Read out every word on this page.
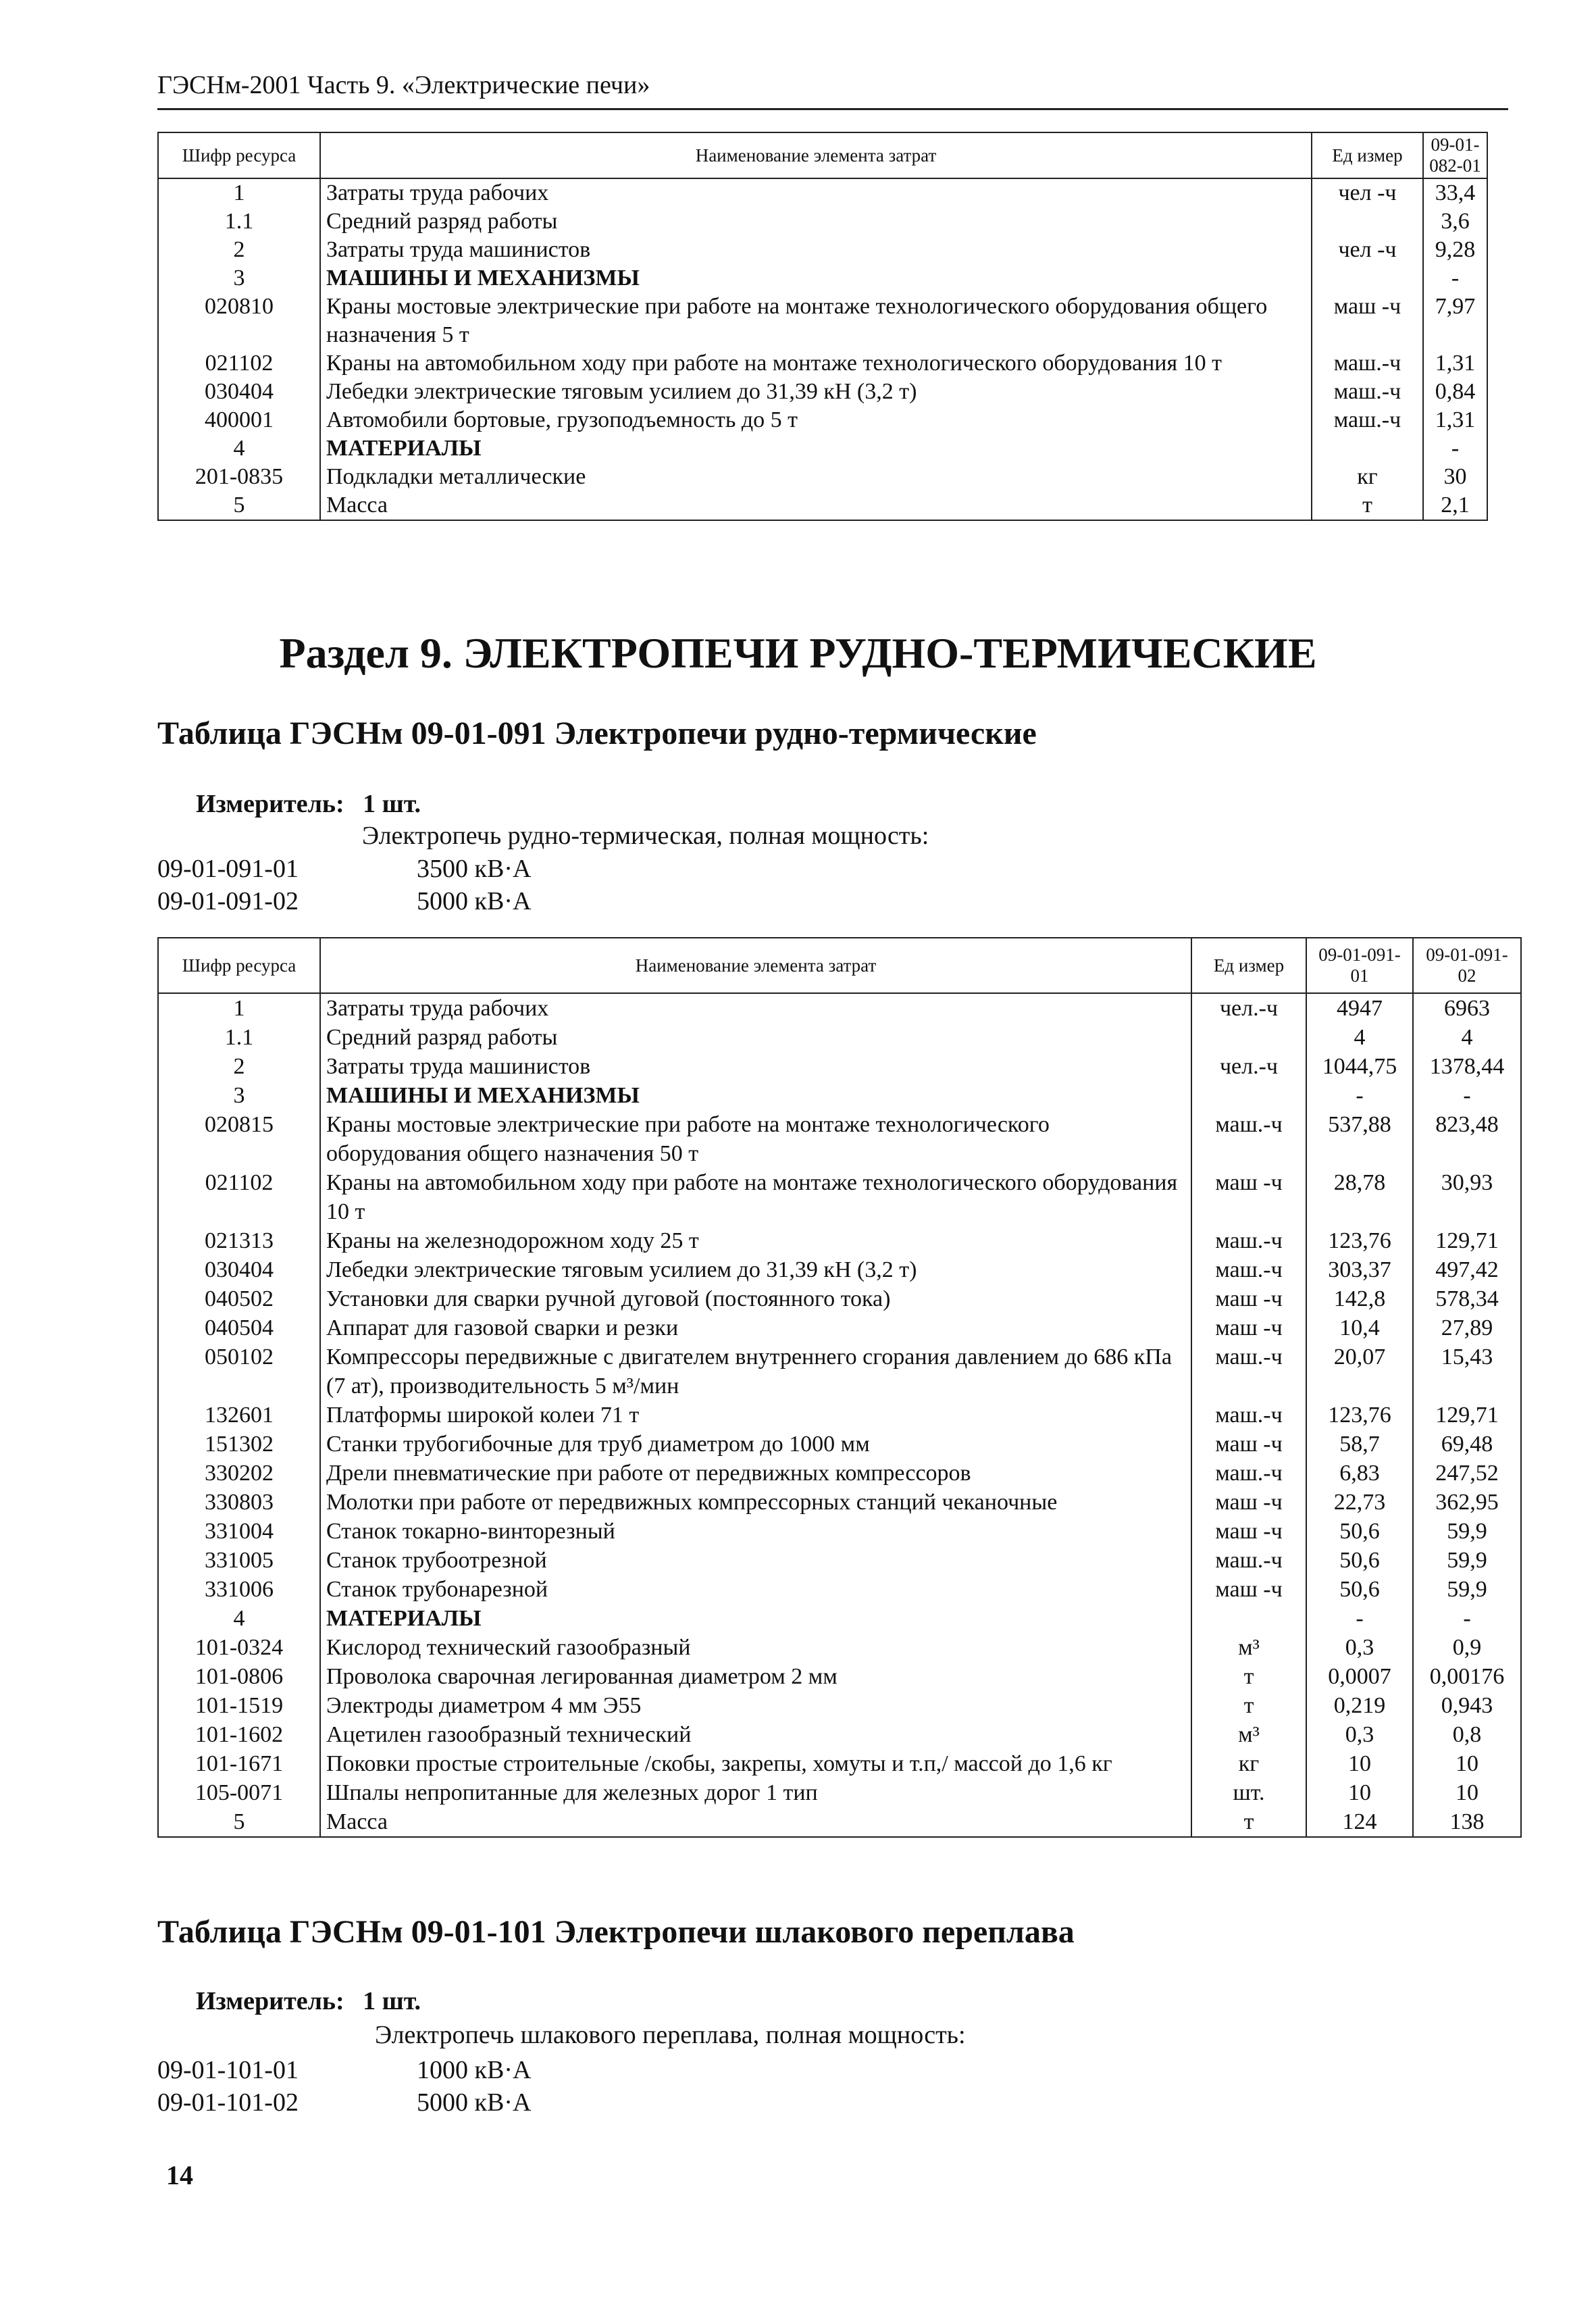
ГЭСНм-2001 Часть 9. «Электрические печи»
Шифр ресурса	Наименование элемента затрат	Ед измер	09-01-082-01
1	Затраты труда рабочих	чел -ч	33,4
1.1	Средний разряд работы		3,6
2	Затраты труда машинистов	чел -ч	9,28
3	МАШИНЫ И МЕХАНИЗМЫ		-
020810	Краны мостовые электрические при работе на монтаже технологического оборудования общего назначения 5 т	маш -ч	7,97
021102	Краны на автомобильном ходу при работе на монтаже технологического оборудования 10 т	маш.-ч	1,31
030404	Лебедки электрические тяговым усилием до 31,39 кН (3,2 т)	маш.-ч	0,84
400001	Автомобили бортовые, грузоподъемность до 5 т	маш.-ч	1,31
4	МАТЕРИАЛЫ		-
201-0835	Подкладки металлические	кг	30
5	Масса	т	2,1
Раздел 9. ЭЛЕКТРОПЕЧИ РУДНО-ТЕРМИЧЕСКИЕ
Таблица ГЭСНм 09-01-091 Электропечи рудно-термические
Измеритель: 1 шт.
Электропечь рудно-термическая, полная мощность:
09-01-091-01	3500 кВ·А
09-01-091-02	5000 кВ·А
Шифр ресурса	Наименование элемента затрат	Ед измер	09-01-091-01	09-01-091-02
1	Затраты труда рабочих	чел.-ч	4947	6963
1.1	Средний разряд работы		4	4
2	Затраты труда машинистов	чел.-ч	1044,75	1378,44
3	МАШИНЫ И МЕХАНИЗМЫ		-	-
020815	Краны мостовые электрические при работе на монтаже технологического оборудования общего назначения 50 т	маш.-ч	537,88	823,48
021102	Краны на автомобильном ходу при работе на монтаже технологического оборудования 10 т	маш -ч	28,78	30,93
021313	Краны на железнодорожном ходу 25 т	маш.-ч	123,76	129,71
030404	Лебедки электрические тяговым усилием до 31,39 кН (3,2 т)	маш.-ч	303,37	497,42
040502	Установки для сварки ручной дуговой (постоянного тока)	маш -ч	142,8	578,34
040504	Аппарат для газовой сварки и резки	маш -ч	10,4	27,89
050102	Компрессоры передвижные с двигателем внутреннего сгорания давлением до 686 кПа (7 ат), производительность 5 м³/мин	маш.-ч	20,07	15,43
132601	Платформы широкой колеи 71 т	маш.-ч	123,76	129,71
151302	Станки трубогибочные для труб диаметром до 1000 мм	маш -ч	58,7	69,48
330202	Дрели пневматические при работе от передвижных компрессоров	маш.-ч	6,83	247,52
330803	Молотки при работе от передвижных компрессорных станций чеканочные	маш -ч	22,73	362,95
331004	Станок токарно-винторезный	маш -ч	50,6	59,9
331005	Станок трубоотрезной	маш.-ч	50,6	59,9
331006	Станок трубонарезной	маш -ч	50,6	59,9
4	МАТЕРИАЛЫ		-	-
101-0324	Кислород технический газообразный	м³	0,3	0,9
101-0806	Проволока сварочная легированная диаметром 2 мм	т	0,0007	0,00176
101-1519	Электроды диаметром 4 мм Э55	т	0,219	0,943
101-1602	Ацетилен газообразный технический	м³	0,3	0,8
101-1671	Поковки простые строительные /скобы, закрепы, хомуты и т.п,/ массой до 1,6 кг	кг	10	10
105-0071	Шпалы непропитанные для железных дорог 1 тип	шт.	10	10
5	Масса	т	124	138
Таблица ГЭСНм 09-01-101 Электропечи шлакового переплава
Измеритель: 1 шт.
Электропечь шлакового переплава, полная мощность:
09-01-101-01	1000 кВ·А
09-01-101-02	5000 кВ·А
14
